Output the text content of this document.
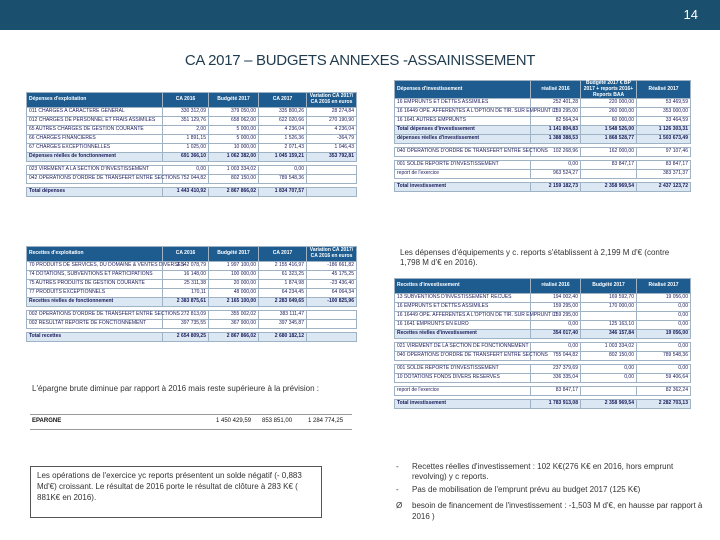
14
CA 2017 – BUDGETS ANNEXES -ASSAINISSEMENT
Dépenses d'exploitation	CA 2016	Budgété 2017	CA 2017	Variation CA 2017/ CA 2016 en euros
011 CHARGES A CARACTERE GENERAL	330 312,09	379 050,00	335 800,26	28 274,84
012 CHARGES DE PERSONNEL ET FRAIS ASSIMILES	351 129,76	658 062,00	622 020,66	270 190,90
65 AUTRES CHARGES DE GESTION COURANTE	2,00	5 000,00	4 236,04	4 236,04
66 CHARGES FINANCIERES	1 891,15	5 000,00	1 526,36	-364,79
67 CHARGES EXCEPTIONNELLES	1 025,00	10 000,00	2 071,43	1 046,43
Dépenses réelles de fonctionnement	691 366,10	1 062 382,00	1 045 159,21	353 792,81

023 VIREMENT A LA SECTION D'INVESTISSEMENT	0,00	1 003 334,02	0,00	
042 OPERATIONS D'ORDRE DE TRANSFERT ENTRE SECTIONS	752 044,82	802 150,00	789 548,36	

Total dépenses	1 443 410,92	2 867 866,02	1 834 707,57	
Recettes d'exploitation	CA 2016	Budgété 2017	CA 2017	Variation CA 2017/ CA 2016 en euros
70 PRODUITS DE SERVICES, DU DOMAINE & VENTES DIVERSES	2 342 078,79	1 997 100,00	2 155 416,97	-186 661,82
74 DOTATIONS, SUBVENTIONS ET PARTICIPATIONS	16 148,00	100 000,00	61 323,25	45 175,25
75 AUTRES PRODUITS DE GESTION COURANTE	25 311,38	20 000,00	1 874,98	-23 436,40
77 PRODUITS EXCEPTIONNELS	170,11	48 000,00	64 234,45	64 064,34
Recettes réelles de fonctionnement	2 383 875,61	2 165 100,00	2 283 049,65	-100 825,96

002 OPERATIONS D'ORDRE DE TRANSFERT ENTRE SECTIONS	272 813,09	355 002,02	383 111,47	
002 RESULTAT REPORTE DE FONCTIONNEMENT	397 735,55	367 900,00	397 345,87	

Total recettes	2 654 809,25	2 867 866,02	2 680 182,12	
Dépenses d'investissement	réalisé 2016	Budgété 2017 € BP 2017 + reports 2016+ Reports BAA	Réalisé 2017
16 EMPRUNTS ET DETTES ASSIMILES	252 401,28	220 000,00	53 469,59
16 16449 OPE. AFFERENTES A L'OPTION DE TIR. SUR EMPRUNT LT	159 295,00	260 000,00	353 000,00
16 1641 AUTRES EMPRUNTS	82 564,24	60 000,00	33 464,59
Total dépenses d'investissement	1 141 804,83	1 548 526,00	1 126 303,31
dépenses réelles d'investissement	1 388 388,53	1 868 528,77	1 503 673,49

040 OPERATIONS D'ORDRE DE TRANSFERT ENTRE SECTIONS	102 268,96	162 000,00	97 107,46

001 SOLDE REPORTE D'INVESTISSEMENT	0,00	83 847,17	83 847,17
report de l'exercice	963 524,27		383 371,37

Total investissement	2 159 182,73	2 358 969,54	2 437 123,72
Recettes d'investissement	réalisé 2016	Budgété 2017	Réalisé 2017
13 SUBVENTIONS D'INVESTISSEMENT RECUES	194 002,40	169 592,70	19 056,00
16 EMPRUNTS ET DETTES ASSIMILES	159 295,00	170 000,00	0,00
16 16449 OPE. AFFERENTES A L'OPTION DE TIR. SUR EMPRUNT LT	159 295,00		0,00
16 1641 EMPRUNTS EN EURO	0,00	125 163,10	0,00
Recettes réelles d'investissement	354 017,40	346 157,84	19 056,00

021 VIREMENT DE LA SECTION DE FONCTIONNEMENT	0,00	1 003 334,02	0,00
040 OPERATIONS D'ORDRE DE TRANSFERT ENTRE SECTIONS	755 044,82	802 150,00	789 548,36

001 SOLDE REPORTE D'INVESTISSEMENT	237 379,69	0,00	0,00
10 DOTATIONS FONDS DIVERS RESERVES	336 335,04	0,00	59 406,64

report de l'exercice	83 847,17		82 362,24

Total investissement	1 783 913,08	2 358 969,54	2 282 703,13
Les dépenses d'équipements y c. reports s'établissent à 2,199 M d'€ (contre 1,798 M d'€ en 2016).
L'épargne brute diminue par rapport à 2016 mais reste supérieure à la prévision :
EPARGNE	1 450 429,59 853 851,00	1 284 774,25
Les opérations de l'exercice yc reports présentent un solde négatif (- 0,883 Md'€) croissant. Le résultat de 2016 porte le résultat de clôture à 283 K€ ( 881K€ en 2016).
- Recettes réelles d'investissement : 102 K€(276 K€ en 2016, hors emprunt revolving) y c reports.
- Pas de mobilisation de l'emprunt prévu au budget 2017 (125 K€)
Ø besoin de financement de l'investissement : -1,503 M d'€, en hausse par rapport à 2016 )
